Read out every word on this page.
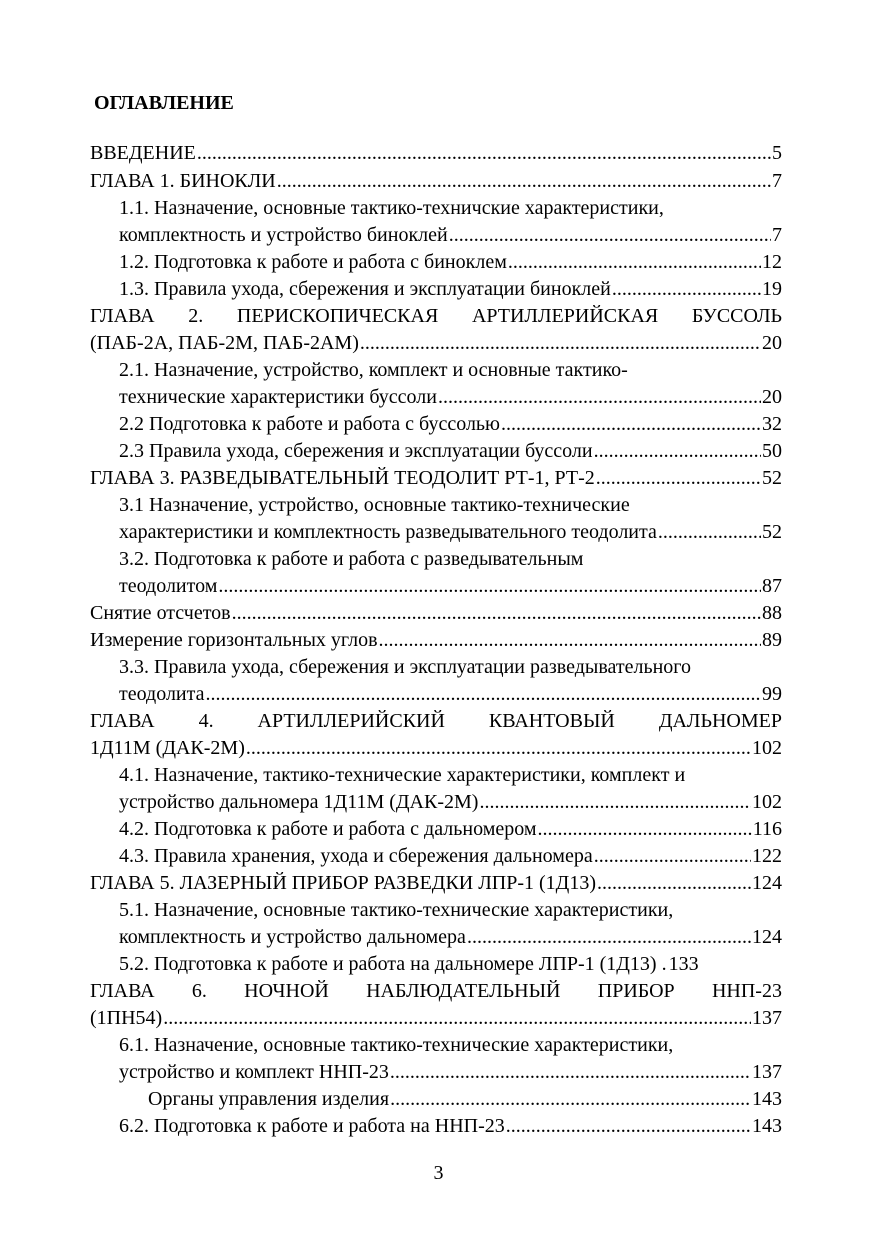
ОГЛАВЛЕНИЕ
ВВЕДЕНИЕ .....	5
ГЛАВА 1. БИНОКЛИ .....	7
1.1. Назначение, основные тактико-техничские характеристики,
комплектность и устройство биноклей .....	7
1.2. Подготовка к работе и работа с биноклем .....	12
1.3. Правила ухода, сбережения и эксплуатации биноклей .....	19
ГЛАВА 2. ПЕРИСКОПИЧЕСКАЯ АРТИЛЛЕРИЙСКАЯ БУССОЛЬ
(ПАБ-2А, ПАБ-2М, ПАБ-2АМ) .....	20
2.1. Назначение, устройство, комплект и основные тактико-
технические характеристики буссоли .....	20
2.2 Подготовка к работе и работа с буссолью .....	32
2.3 Правила ухода, сбережения и эксплуатации буссоли .....	50
ГЛАВА 3. РАЗВЕДЫВАТЕЛЬНЫЙ ТЕОДОЛИТ РТ-1, РТ-2 .....	52
3.1 Назначение, устройство, основные тактико-технические
характеристики и комплектность разведывательного теодолита .....	52
3.2. Подготовка к работе и работа с разведывательным
теодолитом .....	87
Снятие отсчетов .....	88
Измерение горизонтальных углов .....	89
3.3. Правила ухода, сбережения и эксплуатации разведывательного
теодолита .....	99
ГЛАВА 4. АРТИЛЛЕРИЙСКИЙ КВАНТОВЫЙ ДАЛЬНОМЕР
1Д11М (ДАК-2М) .....	102
4.1. Назначение, тактико-технические характеристики, комплект и
устройство дальномера 1Д11М (ДАК-2М) .....	102
4.2. Подготовка к работе и работа с дальномером .....	116
4.3. Правила хранения, ухода и сбережения дальномера .....	122
ГЛАВА 5. ЛАЗЕРНЫЙ ПРИБОР РАЗВЕДКИ ЛПР-1 (1Д13) .....	124
5.1. Назначение, основные тактико-технические характеристики,
комплектность и устройство дальномера .....	124
5.2. Подготовка к работе и работа на дальномере ЛПР-1 (1Д13) . 133
ГЛАВА 6. НОЧНОЙ НАБЛЮДАТЕЛЬНЫЙ ПРИБОР ННП-23
(1ПН54) .....	137
6.1. Назначение, основные тактико-технические характеристики,
устройство и комплект ННП-23 .....	137
Органы управления изделия .....	143
6.2. Подготовка к работе и работа на ННП-23 .....	143
3
